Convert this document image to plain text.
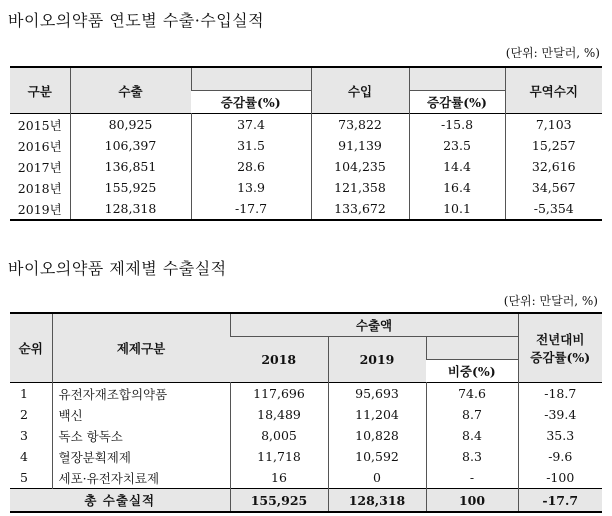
바이오의약품 연도별 수출·수입실적
(단위: 만달러, %)
구분	수출		수입		무역수지
		증감률(%)		증감률(%)	
2015년	80,925	37.4	73,822	-15.8	7,103
2016년	106,397	31.5	91,139	23.5	15,257
2017년	136,851	28.6	104,235	14.4	32,616
2018년	155,925	13.9	121,358	16.4	34,567
2019년	128,318	-17.7	133,672	10.1	-5,354
바이오의약품 제제별 수출실적
(단위: 만달러, %)
순위	제제구분	수출액			전년대비
증감률(%)
		2018	2019		
				비중(%)	
1	유전자재조합의약품	117,696	95,693	74.6	-18.7
2	백신	18,489	11,204	8.7	-39.4
3	독소 항독소	8,005	10,828	8.4	35.3
4	혈장분획제제	11,718	10,592	8.3	-9.6
5	세포·유전자치료제	16	0	-	-100
총 수출실적		155,925	128,318	100	-17.7
